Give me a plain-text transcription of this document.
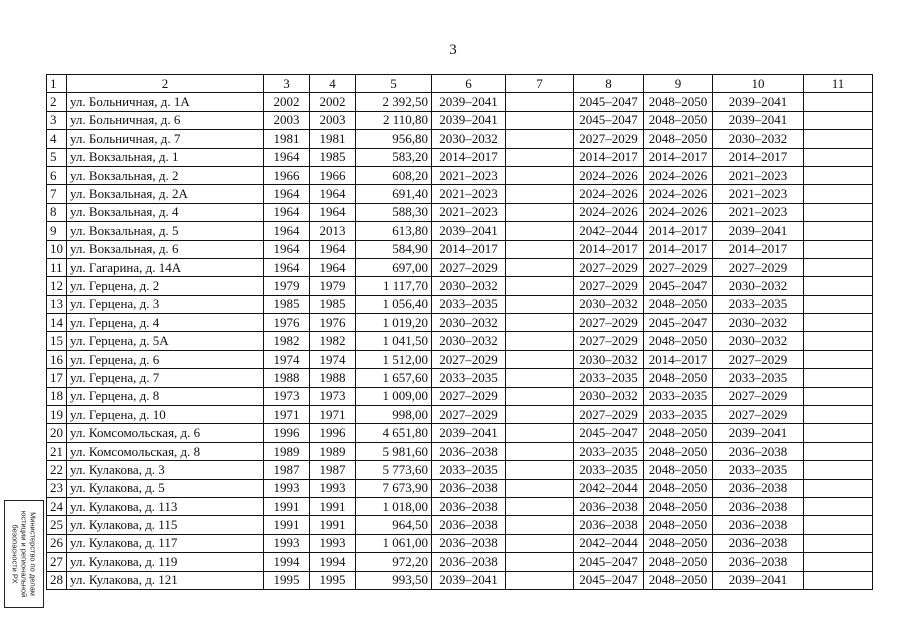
3
1	2	3	4	5	6	7	8	9	10	11
2	ул. Больничная, д. 1А	2002	2002	2 392,50	2039–2041		2045–2047	2048–2050	2039–2041	
3	ул. Больничная, д. 6	2003	2003	2 110,80	2039–2041		2045–2047	2048–2050	2039–2041	
4	ул. Больничная, д. 7	1981	1981	956,80	2030–2032		2027–2029	2048–2050	2030–2032	
5	ул. Вокзальная, д. 1	1964	1985	583,20	2014–2017		2014–2017	2014–2017	2014–2017	
6	ул. Вокзальная, д. 2	1966	1966	608,20	2021–2023		2024–2026	2024–2026	2021–2023	
7	ул. Вокзальная, д. 2А	1964	1964	691,40	2021–2023		2024–2026	2024–2026	2021–2023	
8	ул. Вокзальная, д. 4	1964	1964	588,30	2021–2023		2024–2026	2024–2026	2021–2023	
9	ул. Вокзальная, д. 5	1964	2013	613,80	2039–2041		2042–2044	2014–2017	2039–2041	
10	ул. Вокзальная, д. 6	1964	1964	584,90	2014–2017		2014–2017	2014–2017	2014–2017	
11	ул. Гагарина, д. 14А	1964	1964	697,00	2027–2029		2027–2029	2027–2029	2027–2029	
12	ул. Герцена, д. 2	1979	1979	1 117,70	2030–2032		2027–2029	2045–2047	2030–2032	
13	ул. Герцена, д. 3	1985	1985	1 056,40	2033–2035		2030–2032	2048–2050	2033–2035	
14	ул. Герцена, д. 4	1976	1976	1 019,20	2030–2032		2027–2029	2045–2047	2030–2032	
15	ул. Герцена, д. 5А	1982	1982	1 041,50	2030–2032		2027–2029	2048–2050	2030–2032	
16	ул. Герцена, д. 6	1974	1974	1 512,00	2027–2029		2030–2032	2014–2017	2027–2029	
17	ул. Герцена, д. 7	1988	1988	1 657,60	2033–2035		2033–2035	2048–2050	2033–2035	
18	ул. Герцена, д. 8	1973	1973	1 009,00	2027–2029		2030–2032	2033–2035	2027–2029	
19	ул. Герцена, д. 10	1971	1971	998,00	2027–2029		2027–2029	2033–2035	2027–2029	
20	ул. Комсомольская, д. 6	1996	1996	4 651,80	2039–2041		2045–2047	2048–2050	2039–2041	
21	ул. Комсомольская, д. 8	1989	1989	5 981,60	2036–2038		2033–2035	2048–2050	2036–2038	
22	ул. Кулакова, д. 3	1987	1987	5 773,60	2033–2035		2033–2035	2048–2050	2033–2035	
23	ул. Кулакова, д. 5	1993	1993	7 673,90	2036–2038		2042–2044	2048–2050	2036–2038	
24	ул. Кулакова, д. 113	1991	1991	1 018,00	2036–2038		2036–2038	2048–2050	2036–2038	
25	ул. Кулакова, д. 115	1991	1991	964,50	2036–2038		2036–2038	2048–2050	2036–2038	
26	ул. Кулакова, д. 117	1993	1993	1 061,00	2036–2038		2042–2044	2048–2050	2036–2038	
27	ул. Кулакова, д. 119	1994	1994	972,20	2036–2038		2045–2047	2048–2050	2036–2038	
28	ул. Кулакова, д. 121	1995	1995	993,50	2039–2041		2045–2047	2048–2050	2039–2041	
Министерство по делам
юстиции и региональной
безопасности РХ
